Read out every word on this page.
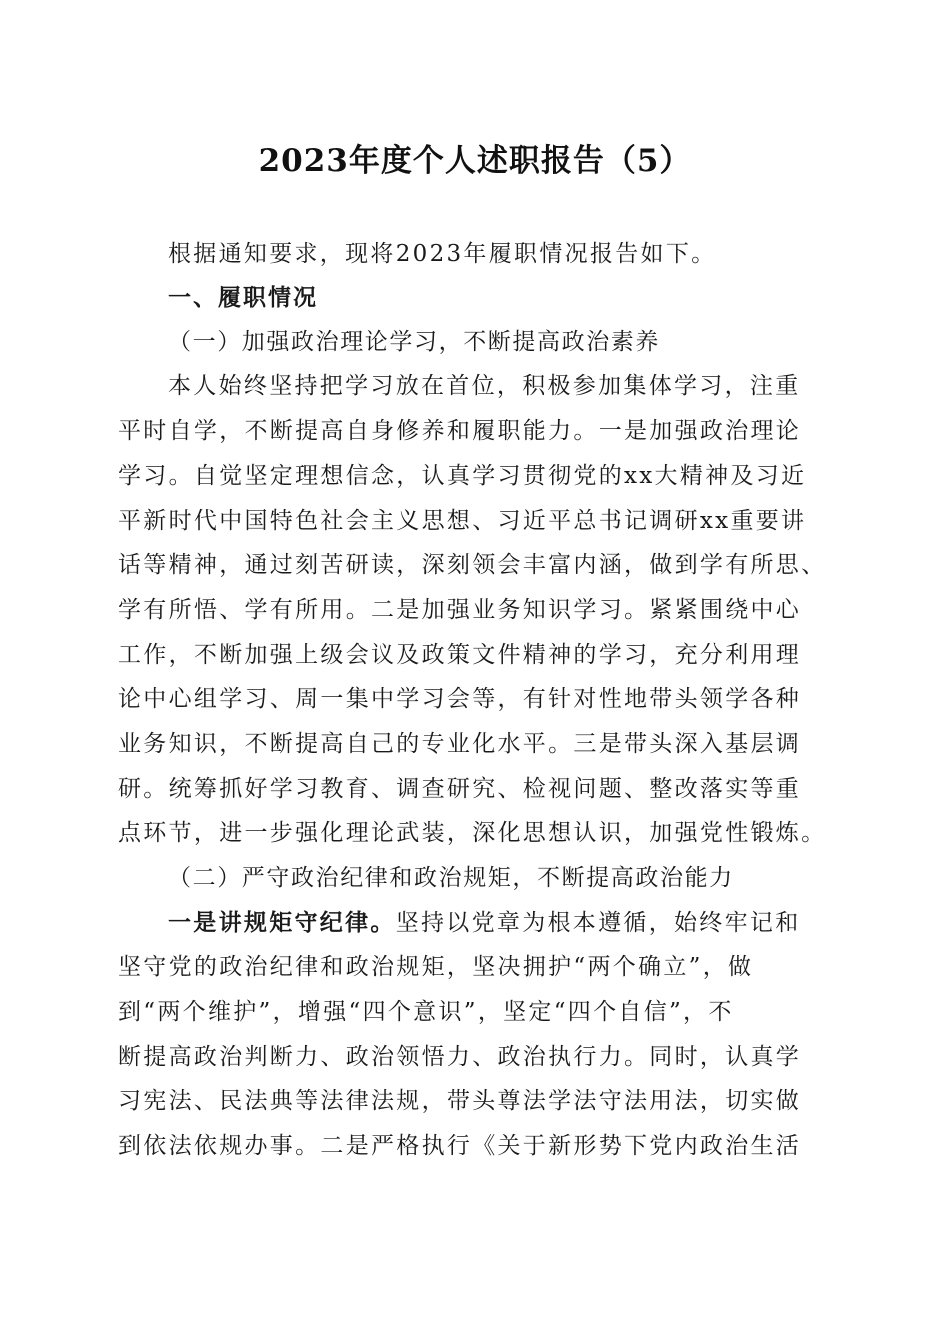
2023年度个人述职报告（5）
根据通知要求，现将2023年履职情况报告如下。
一、履职情况
（一）加强政治理论学习，不断提高政治素养
本人始终坚持把学习放在首位，积极参加集体学习，注重
平时自学，不断提高自身修养和履职能力。一是加强政治理论
学习。自觉坚定理想信念，认真学习贯彻党的xx大精神及习近
平新时代中国特色社会主义思想、习近平总书记调研xx重要讲
话等精神，通过刻苦研读，深刻领会丰富内涵，做到学有所思、
学有所悟、学有所用。二是加强业务知识学习。紧紧围绕中心
工作，不断加强上级会议及政策文件精神的学习，充分利用理
论中心组学习、周一集中学习会等，有针对性地带头领学各种
业务知识，不断提高自己的专业化水平。三是带头深入基层调
研。统筹抓好学习教育、调查研究、检视问题、整改落实等重
点环节，进一步强化理论武装，深化思想认识，加强党性锻炼。
（二）严守政治纪律和政治规矩，不断提高政治能力
一是讲规矩守纪律。坚持以党章为根本遵循，始终牢记和
坚守党的政治纪律和政治规矩，坚决拥护“两个确立”，做
到“两个维护”，增强“四个意识”，坚定“四个自信”，不
断提高政治判断力、政治领悟力、政治执行力。同时，认真学
习宪法、民法典等法律法规，带头尊法学法守法用法，切实做
到依法依规办事。二是严格执行《关于新形势下党内政治生活
